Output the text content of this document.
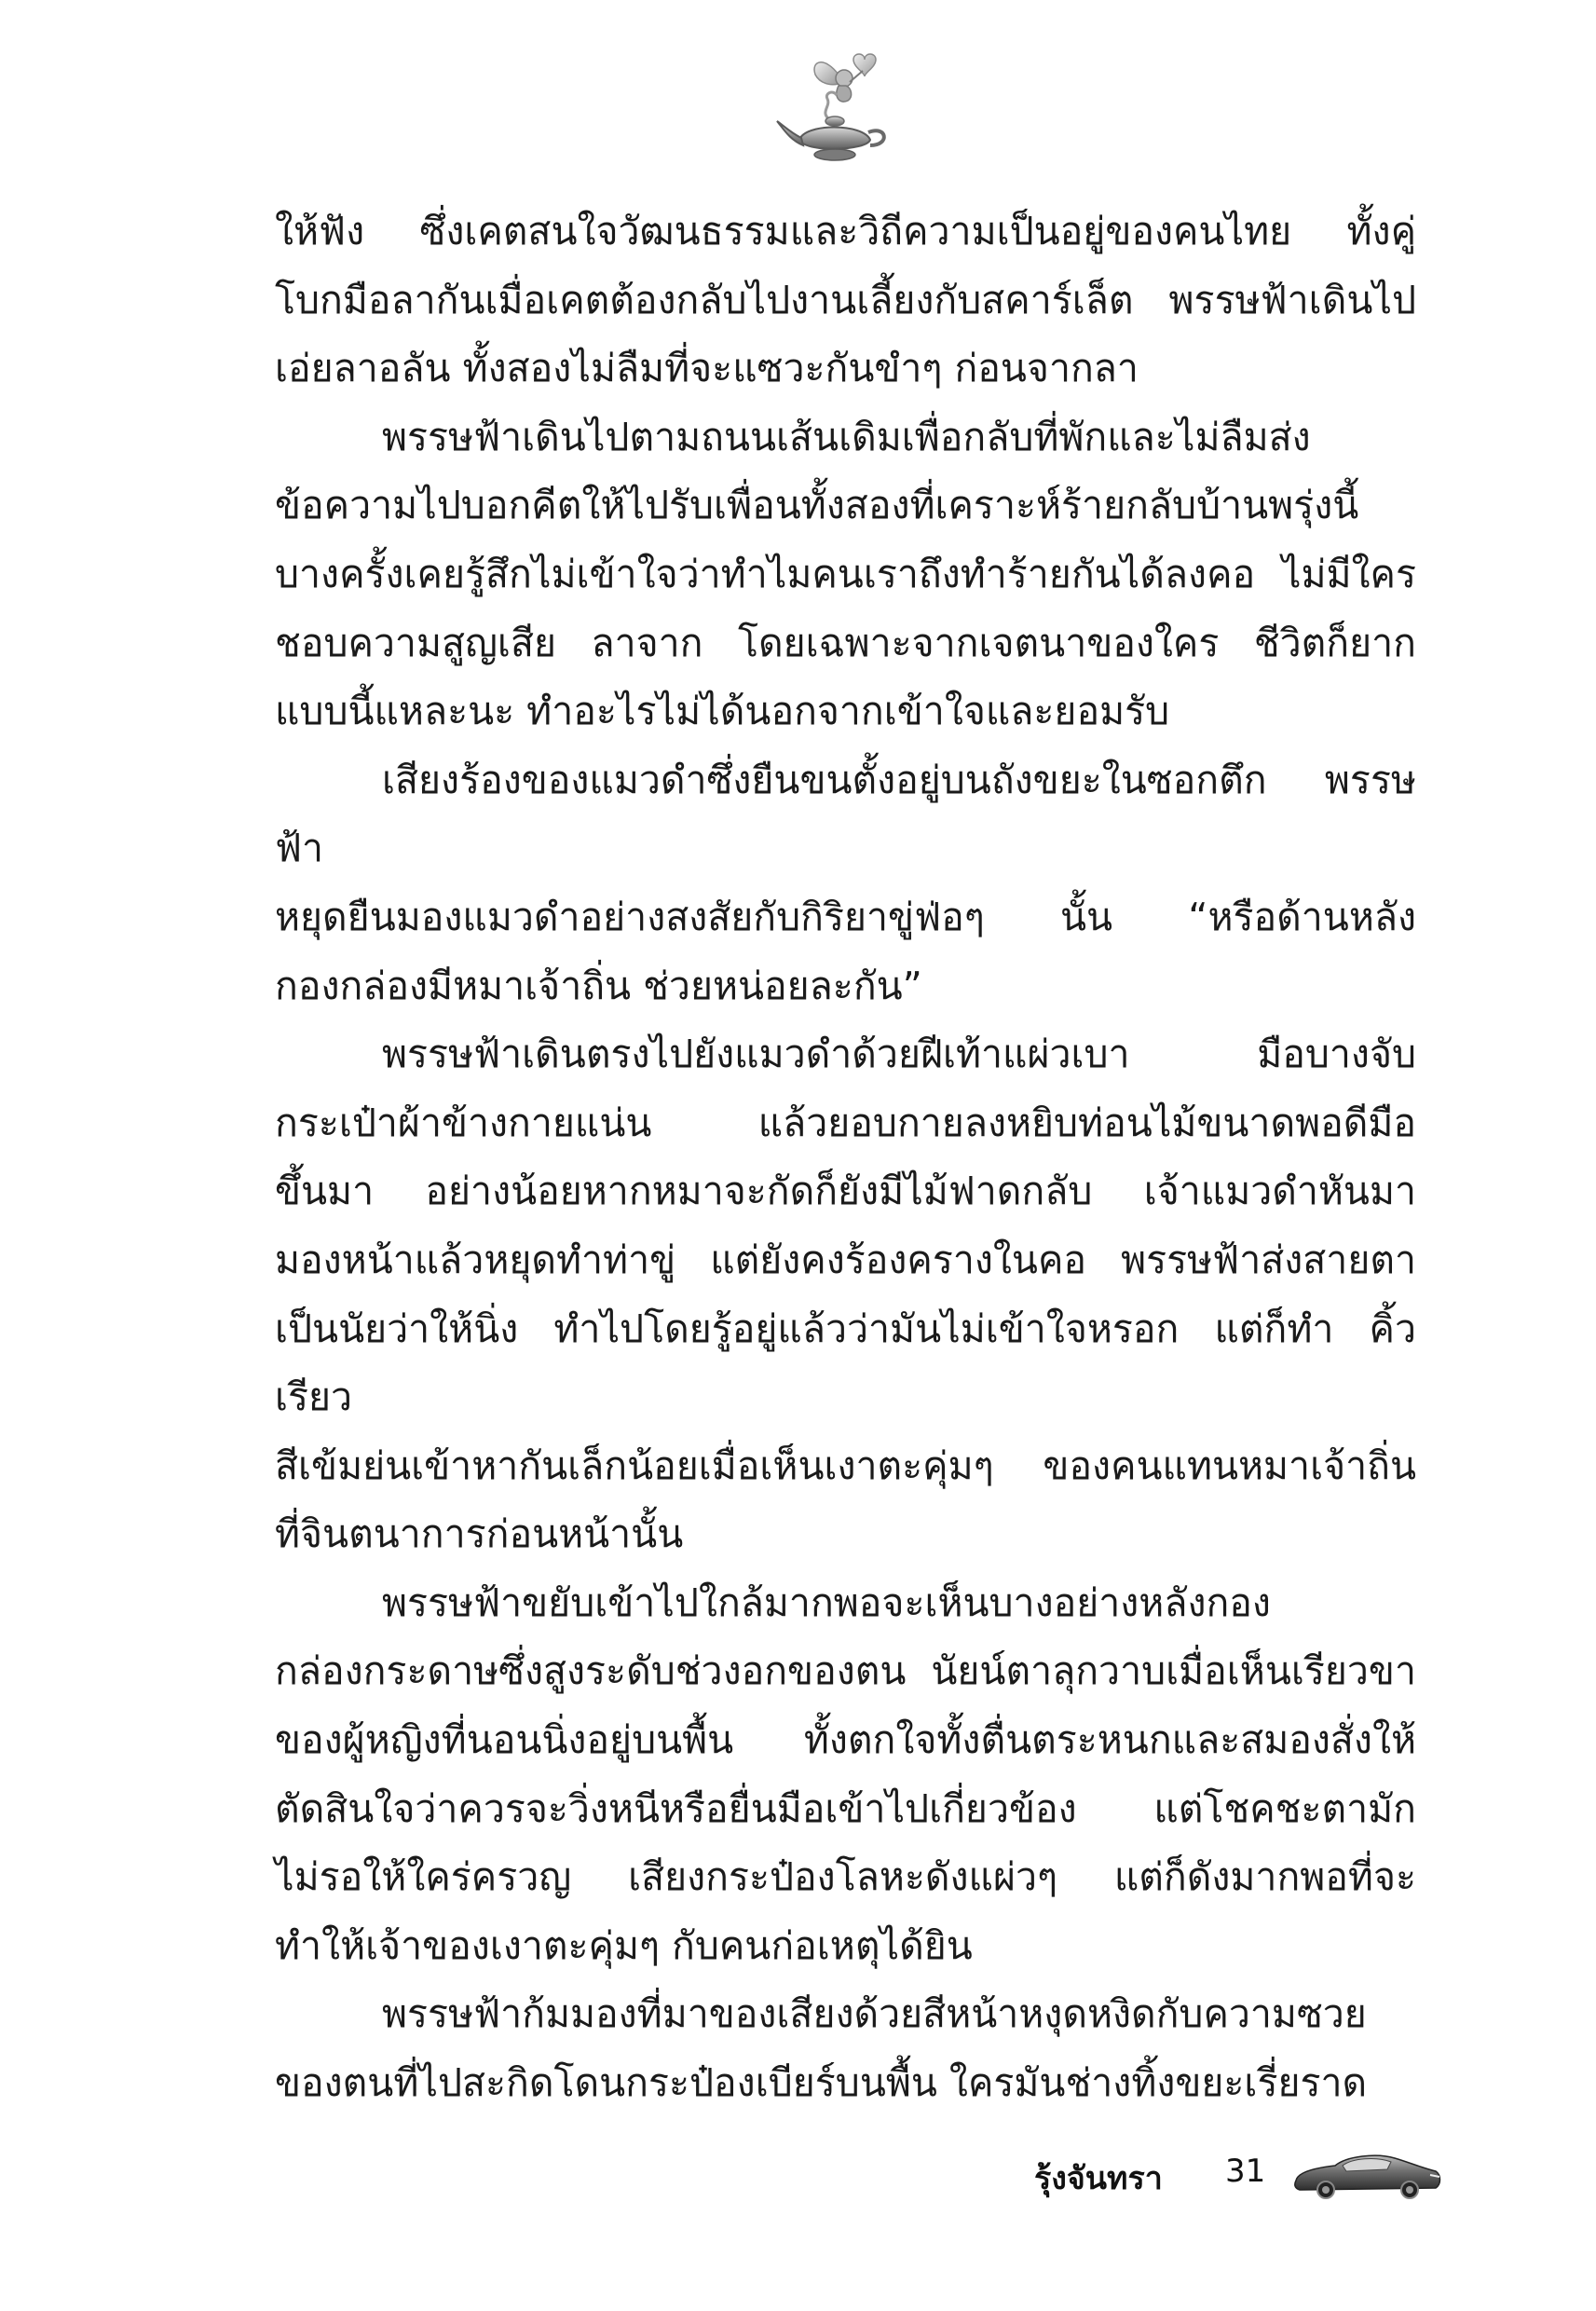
ให้ฟัง ซึ่งเคตสนใจวัฒนธรรมและวิถีความเป็นอยู่ของคนไทย ทั้งคู่
โบกมือลากันเมื่อเคตต้องกลับไปงานเลี้ยงกับสคาร์เล็ต พรรษฟ้าเดินไป
เอ่ยลาอลัน ทั้งสองไม่ลืมที่จะแซวะกันขำๆ ก่อนจากลา

พรรษฟ้าเดินไปตามถนนเส้นเดิมเพื่อกลับที่พักและไม่ลืมส่ง
ข้อความไปบอกคีตให้ไปรับเพื่อนทั้งสองที่เคราะห์ร้ายกลับบ้านพรุ่งนี้
บางครั้งเคยรู้สึกไม่เข้าใจว่าทำไมคนเราถึงทำร้ายกันได้ลงคอ ไม่มีใคร
ชอบความสูญเสีย ลาจาก โดยเฉพาะจากเจตนาของใคร ชีวิตก็ยาก
แบบนี้แหละนะ ทำอะไรไม่ได้นอกจากเข้าใจและยอมรับ

เสียงร้องของแมวดำซึ่งยืนขนตั้งอยู่บนถังขยะในซอกตึก พรรษฟ้า
หยุดยืนมองแมวดำอย่างสงสัยกับกิริยาขู่ฟ่อๆ นั้น “หรือด้านหลัง
กองกล่องมีหมาเจ้าถิ่น ช่วยหน่อยละกัน”

พรรษฟ้าเดินตรงไปยังแมวดำด้วยฝีเท้าแผ่วเบา มือบางจับ
กระเป๋าผ้าข้างกายแน่น แล้วยอบกายลงหยิบท่อนไม้ขนาดพอดีมือ
ขึ้นมา อย่างน้อยหากหมาจะกัดก็ยังมีไม้ฟาดกลับ เจ้าแมวดำหันมา
มองหน้าแล้วหยุดทำท่าขู่ แต่ยังคงร้องครางในคอ พรรษฟ้าส่งสายตา
เป็นนัยว่าให้นิ่ง ทำไปโดยรู้อยู่แล้วว่ามันไม่เข้าใจหรอก แต่ก็ทำ คิ้วเรียว
สีเข้มย่นเข้าหากันเล็กน้อยเมื่อเห็นเงาตะคุ่มๆ ของคนแทนหมาเจ้าถิ่น
ที่จินตนาการก่อนหน้านั้น

พรรษฟ้าขยับเข้าไปใกล้มากพอจะเห็นบางอย่างหลังกอง
กล่องกระดาษซึ่งสูงระดับช่วงอกของตน นัยน์ตาลุกวาบเมื่อเห็นเรียวขา
ของผู้หญิงที่นอนนิ่งอยู่บนพื้น ทั้งตกใจทั้งตื่นตระหนกและสมองสั่งให้
ตัดสินใจว่าควรจะวิ่งหนีหรือยื่นมือเข้าไปเกี่ยวข้อง แต่โชคชะตามัก
ไม่รอให้ใคร่ครวญ เสียงกระป๋องโลหะดังแผ่วๆ แต่ก็ดังมากพอที่จะ
ทำให้เจ้าของเงาตะคุ่มๆ กับคนก่อเหตุได้ยิน

พรรษฟ้าก้มมองที่มาของเสียงด้วยสีหน้าหงุดหงิดกับความซวย
ของตนที่ไปสะกิดโดนกระป๋องเบียร์บนพื้น ใครมันช่างทิ้งขยะเรี่ยราด

รุ้งจันทรา 31
